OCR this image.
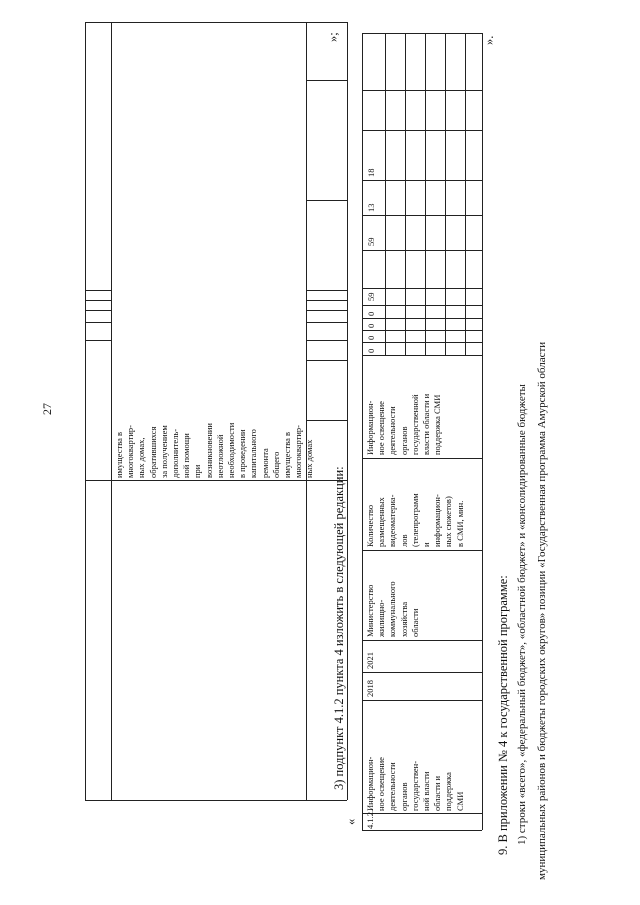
27
имущества в
многоквартир-
ных домах,
обратившихся
за получением
дополнитель-
ной помощи
при
возникновении
неотложной
необходимости
в проведении
капитального
ремонта
общего
имущества в
многоквартир-
ных домах
»;
3) подпункт 4.1.2 пункта 4 изложить в следующей редакции:
« 4.1.2.
Информацион-
ное освещение
деятельности
органов
государствен-
ной власти
области и
поддержка
СМИ
2018
2021
Министерство
жилищно-
коммунального
хозяйства
области
Количество
размещенных
видеоматериа-
лов
(телепрограмм
и
информацион-
ных сюжетов)
в СМИ, мин.
Информацион-
ное освещение
деятельности
органов
государственной
власти области и
поддержка СМИ
0
0
0
0
59
59
13
18
».
9. В приложении № 4 к государственной программе: 1) строки «всего», «федеральный бюджет», «областной бюджет» и «консолидированные бюджеты муниципальных районов и бюджеты городских округов» позиции «Государственная программа Амурской области
